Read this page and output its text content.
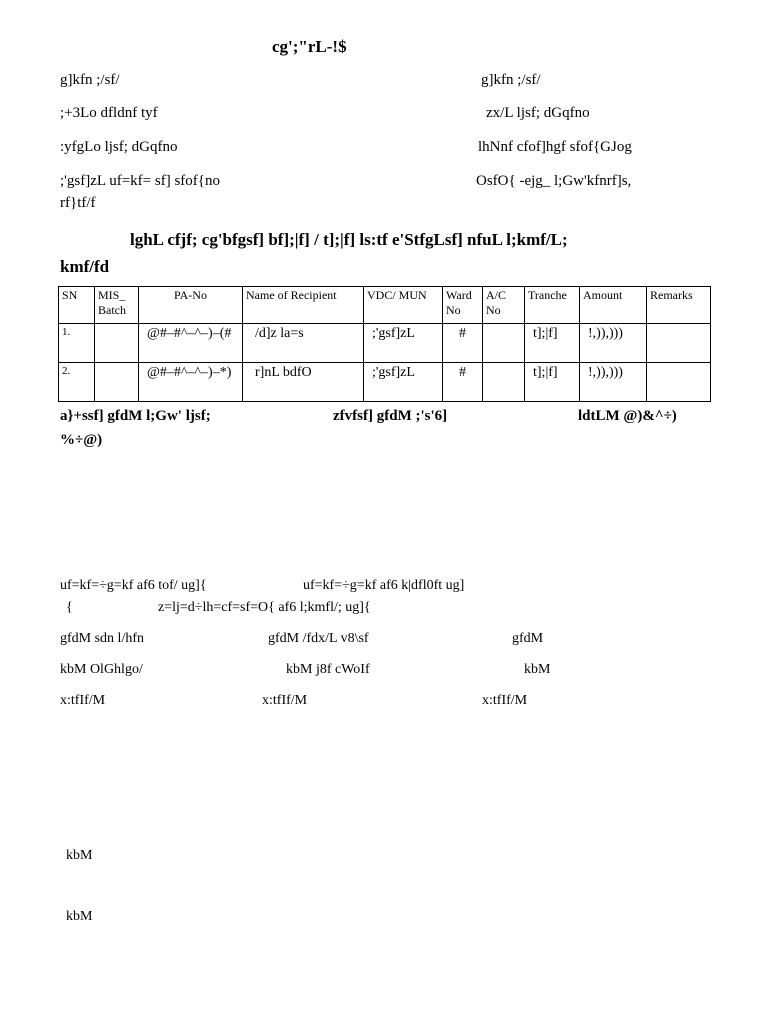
cg';"rL-!$
g]kfn ;/sf/
;+3Lo dfldnf tyf
:yfgLo ljsf; dGqfno
;'gsf]zL uf=kf= sf] sfof{no
rf}tf/f
g]kfn ;/sf/
zx/L ljsf; dGqfno
lhNnf cfof]hgf sfof{GJog
OsfO{ -ejg_ l;Gw'kfnrf]s,
lghL cfjf; cg'bfgsf] bf];|f] / t];|f] ls:tf e'StfgLsf] nfuL l;kmf/L;
kmf/fd
SN	MIS_ Batch	PA-No	Name of Recipient	VDC/ MUN	Ward No	A/C No	Tranche	Amount	Remarks
1.		@#–#^–^–)–(#	/d]z la=s	;'gsf]zL	#		t];|f]	!,)),)))	
2.		@#–#^–^–)–*)	r]nL bdfO	;'gsf]zL	#		t];|f]	!,)),)))	
a}+ssf] gfdM l;Gw' ljsf;	zfvfsf] gfdM ;'s'6]	ldtLM @)&^÷)
%÷@)
uf=kf=÷g=kf af6 tof/ ug]{	uf=kf=÷g=kf af6 k|dfl0ft ug]
{	z=lj=d÷lh=cf=sf=O{ af6 l;kmfl/; ug]{
gfdM sdn l/hfn	gfdM /fdx/L v8\sf	gfdM
kbM OlGhlgo/	kbM j8f cWoIf	kbM
x:tfIf/M	x:tfIf/M	x:tfIf/M
kbM
kbM
